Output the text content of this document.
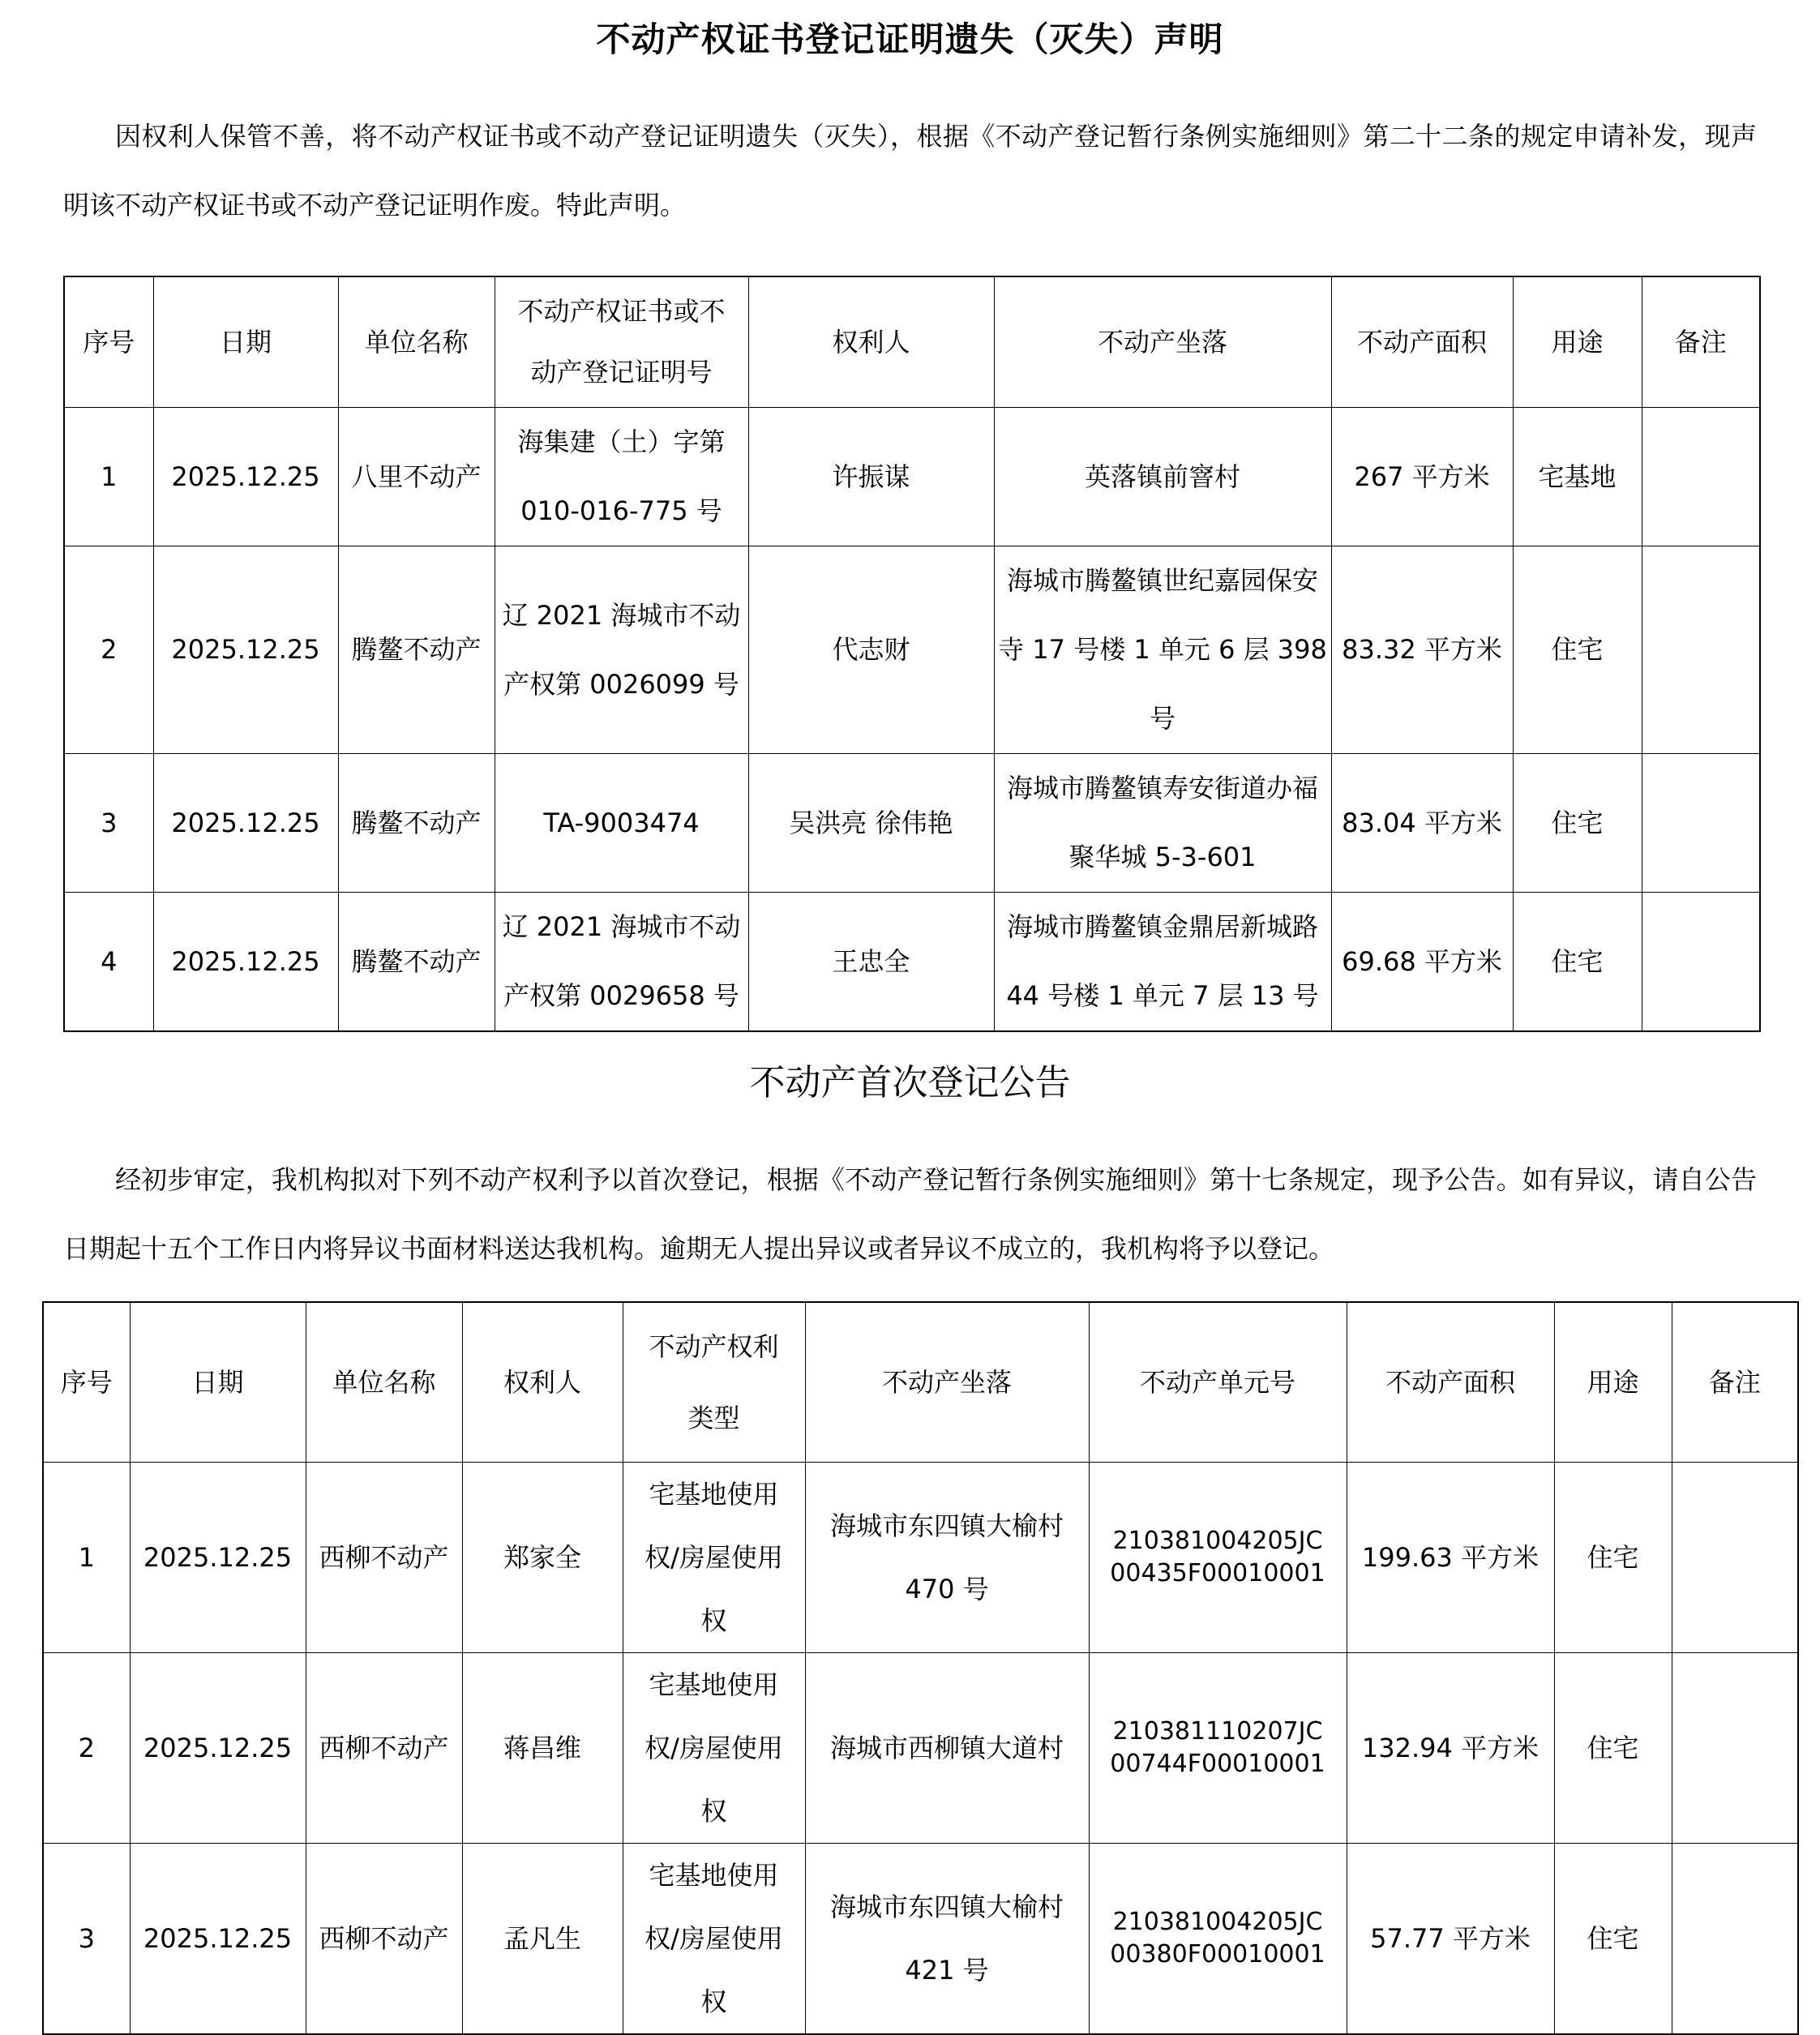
不动产权证书登记证明遗失（灭失）声明

因权利人保管不善，将不动产权证书或不动产登记证明遗失（灭失），根据《不动产登记暂行条例实施细则》第二十二条的规定申请补发，现声明该不动产权证书或不动产登记证明作废。特此声明。

序号	日期	单位名称	不动产权证书或不动产登记证明号	权利人	不动产坐落	不动产面积	用途	备注
1	2025.12.25	八里不动产	海集建（土）字第 010-016-775 号	许振谋	英落镇前窨村	267 平方米	宅基地	
2	2025.12.25	腾鳌不动产	辽 2021 海城市不动产权第 0026099 号	代志财	海城市腾鳌镇世纪嘉园保安寺 17 号楼 1 单元 6 层 398 号	83.32 平方米	住宅	
3	2025.12.25	腾鳌不动产	TA-9003474	吴洪亮 徐伟艳	海城市腾鳌镇寿安街道办福聚华城 5-3-601	83.04 平方米	住宅	
4	2025.12.25	腾鳌不动产	辽 2021 海城市不动产权第 0029658 号	王忠全	海城市腾鳌镇金鼎居新城路 44 号楼 1 单元 7 层 13 号	69.68 平方米	住宅	
不动产首次登记公告

经初步审定，我机构拟对下列不动产权利予以首次登记，根据《不动产登记暂行条例实施细则》第十七条规定，现予公告。如有异议，请自公告日期起十五个工作日内将异议书面材料送达我机构。逾期无人提出异议或者异议不成立的，我机构将予以登记。

序号	日期	单位名称	权利人	不动产权利类型	不动产坐落	不动产单元号	不动产面积	用途	备注
1	2025.12.25	西柳不动产	郑家全	宅基地使用权/房屋使用权	海城市东四镇大榆村 470 号	210381004205JC00435F00010001	199.63 平方米	住宅	
2	2025.12.25	西柳不动产	蒋昌维	宅基地使用权/房屋使用权	海城市西柳镇大道村	210381110207JC00744F00010001	132.94 平方米	住宅	
3	2025.12.25	西柳不动产	孟凡生	宅基地使用权/房屋使用权	海城市东四镇大榆村 421 号	210381004205JC00380F00010001	57.77 平方米	住宅	
